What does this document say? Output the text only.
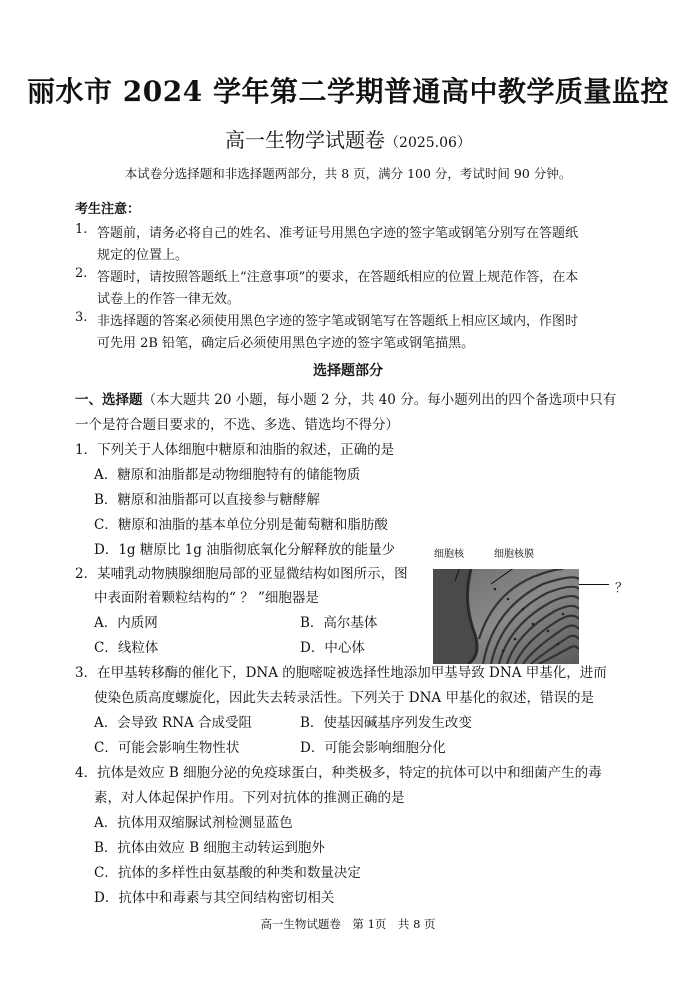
丽水市 2024 学年第二学期普通高中教学质量监控
高一生物学试题卷（2025.06）
本试卷分选择题和非选择题两部分，共 8 页，满分 100 分，考试时间 90 分钟。
考生注意：
1. 答题前，请务必将自己的姓名、准考证号用黑色字迹的签字笔或钢笔分别写在答题纸
规定的位置上。
2. 答题时，请按照答题纸上“注意事项”的要求，在答题纸相应的位置上规范作答，在本
试卷上的作答一律无效。
3. 非选择题的答案必须使用黑色字迹的签字笔或钢笔写在答题纸上相应区域内，作图时
可先用 2B 铅笔，确定后必须使用黑色字迹的签字笔或钢笔描黑。
选择题部分
一、选择题（本大题共 20 小题，每小题 2 分，共 40 分。每小题列出的四个备选项中只有
一个是符合题目要求的，不选、多选、错选均不得分）
1．下列关于人体细胞中糖原和油脂的叙述，正确的是
A．糖原和油脂都是动物细胞特有的储能物质
B．糖原和油脂都可以直接参与糖酵解
C．糖原和油脂的基本单位分别是葡萄糖和脂肪酸
D．1g 糖原比 1g 油脂彻底氧化分解释放的能量少
2．某哺乳动物胰腺细胞局部的亚显微结构如图所示，图
中表面附着颗粒结构的“ ？ ”细胞器是
A．内质网	B．高尔基体
C．线粒体	D．中心体
细胞核	细胞核膜
？
3．在甲基转移酶的催化下，DNA 的胞嘧啶被选择性地添加甲基导致 DNA 甲基化，进而
使染色质高度螺旋化，因此失去转录活性。下列关于 DNA 甲基化的叙述，错误的是
A．会导致 RNA 合成受阻	B．使基因碱基序列发生改变
C．可能会影响生物性状	D．可能会影响细胞分化
4．抗体是效应 B 细胞分泌的免疫球蛋白，种类极多，特定的抗体可以中和细菌产生的毒
素，对人体起保护作用。下列对抗体的推测正确的是
A．抗体用双缩脲试剂检测显蓝色
B．抗体由效应 B 细胞主动转运到胞外
C．抗体的多样性由氨基酸的种类和数量决定
D．抗体中和毒素与其空间结构密切相关
高一生物试题卷　第 1页　共 8 页
